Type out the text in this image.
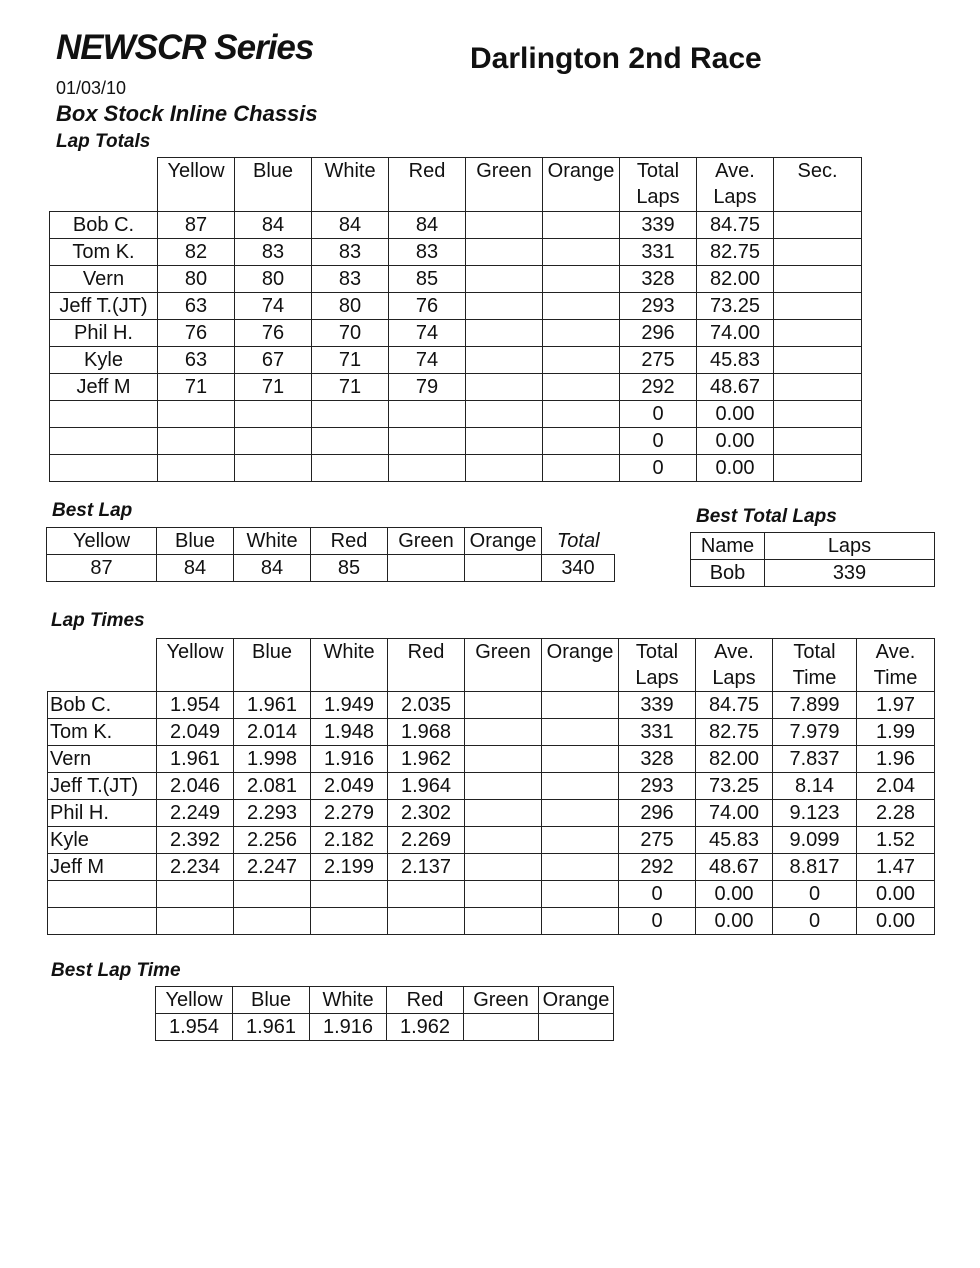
NEWSCR Series	Darlington 2nd Race
01/03/10
Box Stock Inline Chassis
Lap Totals
	Yellow	Blue	White	Red	Green	Orange	Total Laps	Ave. Laps	Sec.
Bob C.	87	84	84	84			339	84.75	
Tom K.	82	83	83	83			331	82.75	
Vern	80	80	83	85			328	82.00	
Jeff T.(JT)	63	74	80	76			293	73.25	
Phil H.	76	76	70	74			296	74.00	
Kyle	63	67	71	74			275	45.83	
Jeff M	71	71	71	79			292	48.67	
							0	0.00	
							0	0.00	
							0	0.00	
Best Lap
Yellow	Blue	White	Red	Green	Orange	Total
87	84	84	85			340
Best Total Laps
Name	Laps
Bob	339
Lap Times
	Yellow	Blue	White	Red	Green	Orange	Total Laps	Ave. Laps	Total Time	Ave. Time
Bob C.	1.954	1.961	1.949	2.035			339	84.75	7.899	1.97
Tom K.	2.049	2.014	1.948	1.968			331	82.75	7.979	1.99
Vern	1.961	1.998	1.916	1.962			328	82.00	7.837	1.96
Jeff T.(JT)	2.046	2.081	2.049	1.964			293	73.25	8.14	2.04
Phil H.	2.249	2.293	2.279	2.302			296	74.00	9.123	2.28
Kyle	2.392	2.256	2.182	2.269			275	45.83	9.099	1.52
Jeff M	2.234	2.247	2.199	2.137			292	48.67	8.817	1.47
							0	0.00	0	0.00
							0	0.00	0	0.00
Best Lap Time
Yellow	Blue	White	Red	Green	Orange
1.954	1.961	1.916	1.962		
